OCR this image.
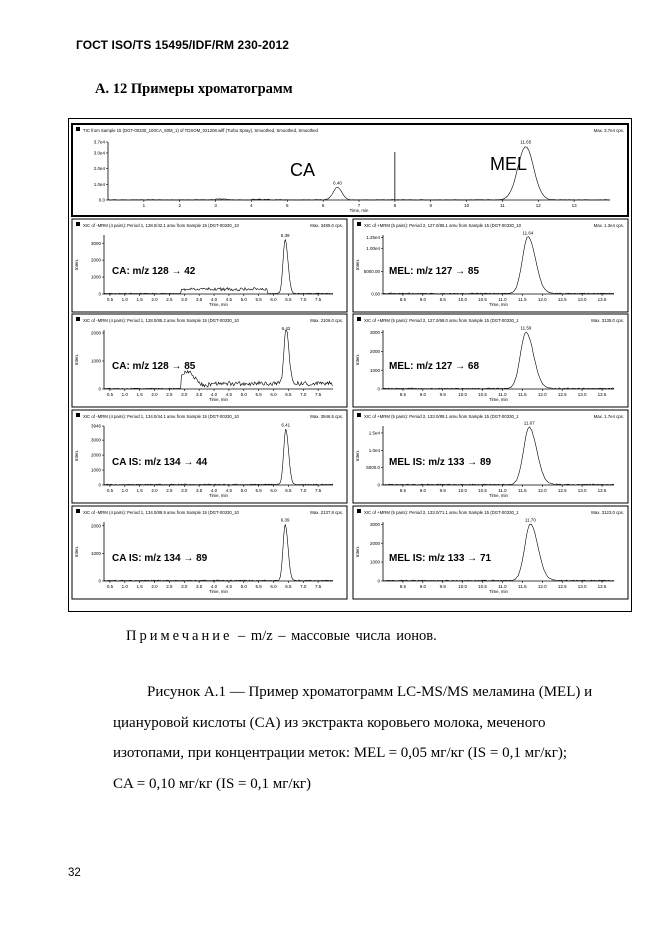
ГОСТ ISO/TS 15495/IDF/RM 230-2012
А. 12 Примеры хроматограмм
TIC from Sample 15 (DGT-00330_100CA_50M_1) of TDSOM_021208.wiff (Turbo Spray), Smoothed, Smoothed, Smoothed	Max. 3.7e4 cps.
1	2	3	4	5	6	7	8	9	10	11	12	13
0.0
1.0e4
2.0e4
3.0e4
3.7e4
Time, min
6.40
11.65
CA	MEL
XIC of -MRM (4 pairs): Period 1, 128.0/42.1 amu from Sample 15 (DGT-00330_10	Max. 3485.0 cps.
0.5 1.0 1.5 2.0 2.5 3.0 3.5 4.0 4.5 5.0 5.5 6.0 6.5 7.0 7.5
0
1000
2000
3000
Time, min
Inten.
6.39
CA: m/z 128 → 42
XIC of +MRM (5 pairs): Period 2, 127.0/85.1 amu from Sample 15 (DGT-00330_10	Max. 1.3e4 cps.
8.5	9.0	9.5	10.0 10.5	11.0	11.5	12.0 12.5 13.0 13.5
0.00
5000.00
1.00e4
1.25e4
Time, min
Inten.
11.64
MEL: m/z 127 → 85
XIC of -MRM (4 pairs): Period 1, 128.0/85.2 amu from Sample 15 (DGT-00330_10	Max. 2106.0 cps.
0.5 1.0 1.5 2.0 2.5 3.0 3.5 4.0 4.5 5.0 5.5 6.0 6.5 7.0 7.5
0
1000
2000
Time, min
Inten.
6.42
CA: m/z 128 → 85
XIC of +MRM (5 pairs): Period 2, 127.0/68.0 amu from Sample 15 (DGT-00330_1	Max. 3135.0 cps.
8.5	9.0	9.5	10.0 10.5	11.0	11.5	12.0 12.5 13.0 13.5
0
1000
2000
3000
Time, min
Inten.
11.59
MEL: m/z 127 → 68
XIC of -MRM (4 pairs): Period 1, 134.0/44.1 amu from Sample 15 (DGT-00330_10	Max. 3946.5 cps.
0.5 1.0 1.5 2.0 2.5 3.0 3.5 4.0 4.5 5.0 5.5 6.0 6.5 7.0 7.5
0
1000
2000
3000
3946
Time, min
Inten.
6.41
CA IS: m/z 134 → 44
XIC of +MRM (5 pairs): Period 2, 133.0/89.1 amu from Sample 15 (DGT-00330_1	Max. 1.7e4 cps.
8.5	9.0	9.5	10.0 10.5	11.0	11.5	12.0 12.5 13.0 13.5
0
5000.0
1.0e4
1.5e4
Time, min
Inten.
11.67
MEL IS: m/z 133 → 89
XIC of -MRM (4 pairs): Period 1, 134.0/89.9 amu from Sample 15 (DGT-00330_10	Max. 2137.8 cps.
0.5 1.0 1.5 2.0 2.5 3.0 3.5 4.0 4.5 5.0 5.5 6.0 6.5 7.0 7.5
0
1000
2000
Time, min
Inten.
6.39
CA IS: m/z 134 → 89
XIC of +MRM (5 pairs): Period 2, 133.0/71.1 amu from Sample 15 (DGT-00330_1	Max. 3123.0 cps.
8.5	9.0	9.5	10.0 10.5	11.0	11.5	12.0 12.5 13.0 13.5
0
1000
2000
3000
Time, min
Inten.
11.70
MEL IS: m/z 133 → 71
Примечание – m/z – массовые числа ионов.

Рисунок А.1 — Пример хроматограмм LC-MS/MS меламина (MEL) и

циануровой кислоты (CA) из экстракта коровьего молока, меченого

изотопами, при концентрации меток: MEL = 0,05 мг/кг (IS = 0,1 мг/кг);

CA = 0,10 мг/кг (IS = 0,1 мг/кг)

32
